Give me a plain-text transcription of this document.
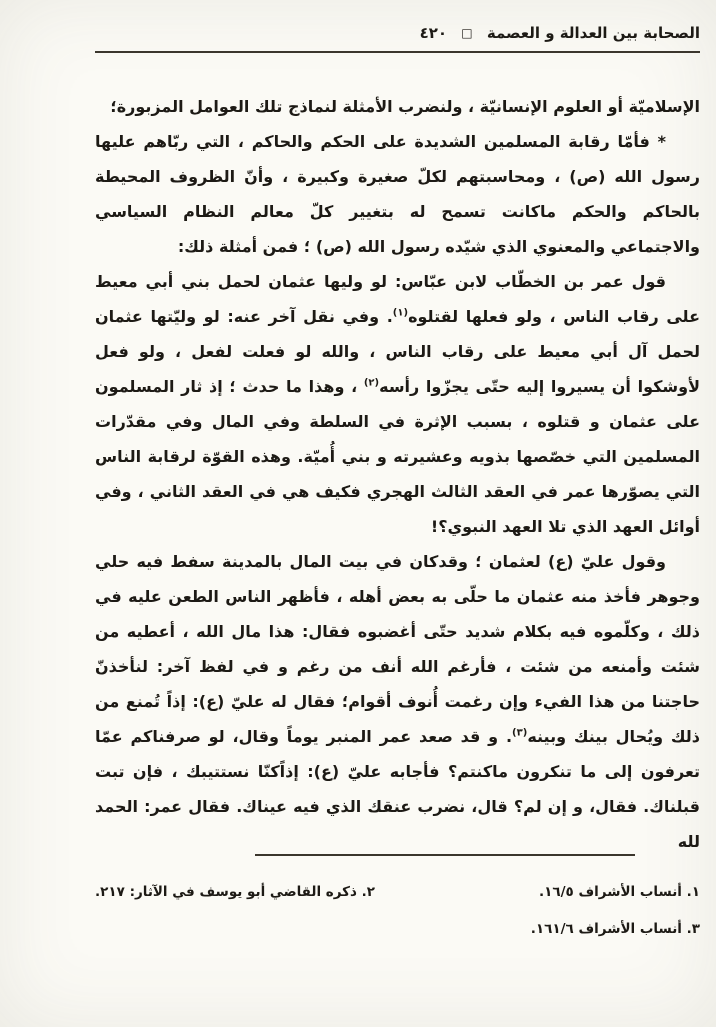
الصحابة بين العدالة و العصمة □ ٤٢٠

الإسلاميّة أو العلوم الإنسانيّة ، ولنضرب الأمثلة لنماذج تلك العوامل المزبورة؛

* فأمّا رقابة المسلمين الشديدة على الحكم والحاكم ، التي ربّاهم عليها رسول الله (ص) ، ومحاسبتهم لكلّ صغيرة وكبيرة ، وأنّ الظروف المحيطة بالحاكم والحكم ماكانت تسمح له بتغيير كلّ معالم النظام السياسي والاجتماعي والمعنوي الذي شيّده رسول الله (ص) ؛ فمن أمثلة ذلك:

قول عمر بن الخطّاب لابن عبّاس: لو وليها عثمان لحمل بني أبي معيط على رقاب الناس ، ولو فعلها لقتلوه$^{(١)}$. وفي نقل آخر عنه: لو وليّتها عثمان لحمل آل أبي معيط على رقاب الناس ، والله لو فعلت لفعل ، ولو فعل لأوشكوا أن يسيروا إليه حتّى يجزّوا رأسه$^{(٢)}$ ، وهذا ما حدث ؛ إذ ثار المسلمون على عثمان و قتلوه ، بسبب الإثرة في السلطة وفي المال وفي مقدّرات المسلمين التي خصّصها بذويه وعشيرته و بني أُميّة. وهذه القوّة لرقابة الناس التي يصوّرها عمر في العقد الثالث الهجري فكيف هي في العقد الثاني ، وفي أوائل العهد الذي تلا العهد النبوي؟!

وقول عليّ (ع) لعثمان ؛ وقدكان في بيت المال بالمدينة سفط فيه حلي وجوهر فأخذ منه عثمان ما حلّى به بعض أهله ، فأظهر الناس الطعن عليه في ذلك ، وكلّموه فيه بكلام شديد حتّى أغضبوه فقال: هذا مال الله ، أعطيه من شئت وأمنعه من شئت ، فأرغم الله أنف من رغم و في لفظ آخر: لنأخذنّ حاجتنا من هذا الفيء وإن رغمت أُنوف أقوام؛ فقال له عليّ (ع): إذاً تُمنع من ذلك ويُحال بينك وبينه$^{(٣)}$. و قد صعد عمر المنبر يوماً وقال، لو صرفناكم عمّا تعرفون إلى ما تنكرون ماكنتم؟ فأجابه عليّ (ع): إذاًكنّا نستتيبك ، فإن تبت قبلناك. فقال، و إن لم؟ قال، نضرب عنقك الذي فيه عيناك. فقال عمر: الحمد لله

١. أنساب الأشراف ١٦/٥.
٣. أنساب الأشراف ١٦١/٦.
٢. ذكره القاضي أبو يوسف في الآثار: ٢١٧.
